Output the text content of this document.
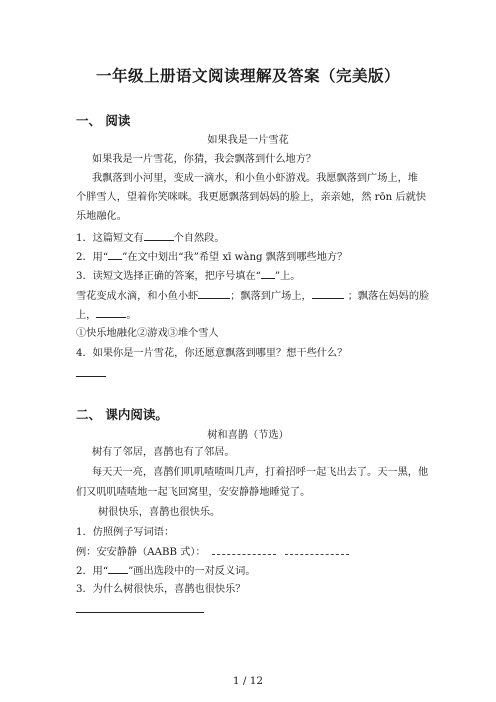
一年级上册语文阅读理解及答案（完美版）
一、 阅读
如果我是一片雪花
如果我是一片雪花，你猜，我会飘落到什么地方？
我飘落到小河里，变成一滴水，和小鱼小虾游戏。我愿飘落到广场上，堆
个胖雪人，望着你笑咪咪。我更愿飘落到妈妈的脸上，亲亲她，然 rōn 后就快
乐地融化。
1．这篇短文有	个自然段。
2．用“ ”在文中划出“我”希望 xī wàng 飘落到哪些地方？
3．读短文选择正确的答案，把序号填在“ ”上。
雪花变成水滴，和小鱼小虾	；飘落到广场上，	；飘落在妈妈的脸
上，	。
①快乐地融化②游戏③堆个雪人
4．如果你是一片雪花，你还愿意飘落到哪里？想干些什么？
二、 课内阅读。
树和喜鹊（节选）
树有了邻居，喜鹊也有了邻居。
每天天一亮，喜鹊们叽叽喳喳叫几声，打着招呼一起飞出去了。天一黑，他
们又叽叽喳喳地一起飞回窝里，安安静静地睡觉了。
树很快乐，喜鹊也很快乐。
1．仿照例子写词语：
例：安安静静（AABB 式）：
2．用“ ”画出选段中的一对反义词。
3．为什么树很快乐，喜鹊也很快乐？
1 / 12
